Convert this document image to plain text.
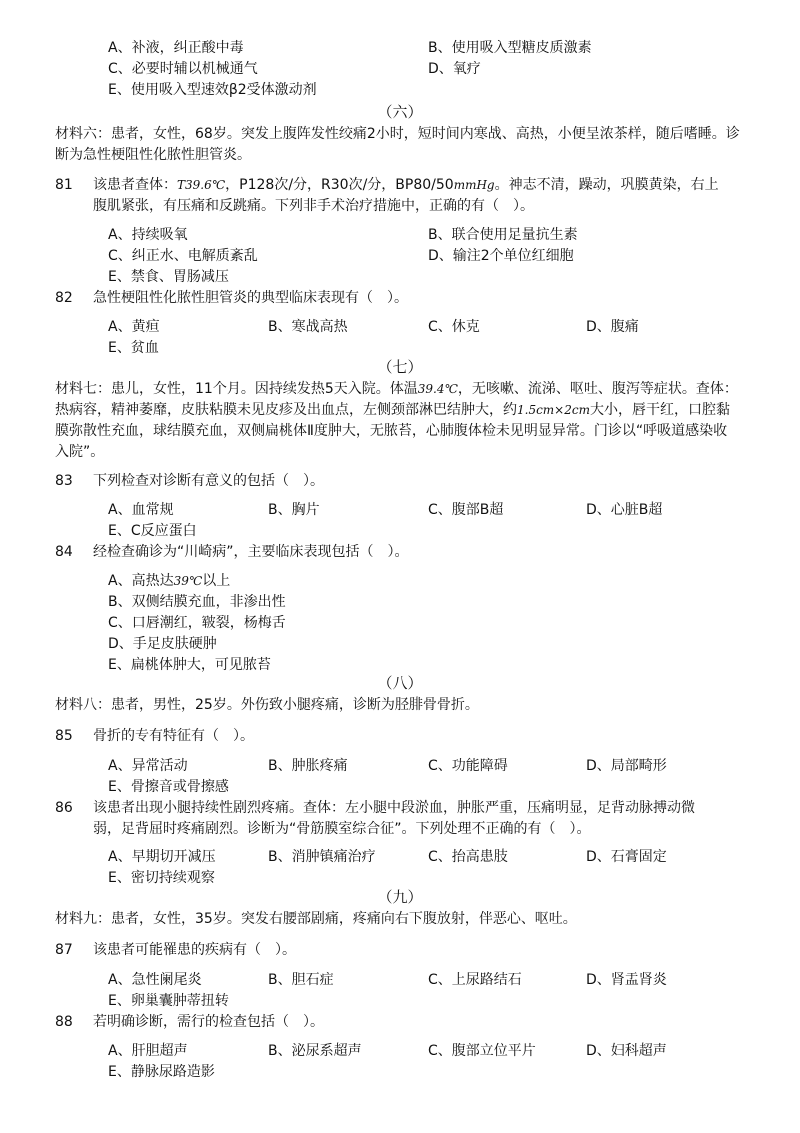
A、补液，纠正酸中毒	B、使用吸入型糖皮质激素
C、必要时辅以机械通气	D、氧疗
E、使用吸入型速效β2受体激动剂
（六）
材料六：患者，女性，68岁。突发上腹阵发性绞痛2小时，短时间内寒战、高热，小便呈浓茶样，随后嗜睡。诊
断为急性梗阻性化脓性胆管炎。
81 该患者查体：T39.6℃，P128次/分，R30次/分，BP80/50mmHg。神志不清，躁动，巩膜黄染，右上
腹肌紧张，有压痛和反跳痛。下列非手术治疗措施中，正确的有（　）。
A、持续吸氧	B、联合使用足量抗生素
C、纠正水、电解质紊乱	D、输注2个单位红细胞
E、禁食、胃肠减压
82 急性梗阻性化脓性胆管炎的典型临床表现有（　）。
A、黄疸	B、寒战高热	C、休克	D、腹痛
E、贫血
（七）
材料七：患儿，女性，11个月。因持续发热5天入院。体温39.4℃，无咳嗽、流涕、呕吐、腹泻等症状。查体：
热病容，精神萎靡，皮肤粘膜未见皮疹及出血点，左侧颈部淋巴结肿大，约1.5cm×2cm大小，唇干红，口腔黏
膜弥散性充血，球结膜充血，双侧扁桃体Ⅱ度肿大，无脓苔，心肺腹体检未见明显异常。门诊以“呼吸道感染收
入院”。
83 下列检查对诊断有意义的包括（　）。
A、血常规	B、胸片	C、腹部B超	D、心脏B超
E、C反应蛋白
84 经检查确诊为“川崎病”，主要临床表现包括（　）。
A、高热达39℃以上
B、双侧结膜充血，非渗出性
C、口唇潮红，皲裂，杨梅舌
D、手足皮肤硬肿
E、扁桃体肿大，可见脓苔
（八）
材料八：患者，男性，25岁。外伤致小腿疼痛，诊断为胫腓骨骨折。
85 骨折的专有特征有（　）。
A、异常活动	B、肿胀疼痛	C、功能障碍	D、局部畸形
E、骨擦音或骨擦感
86 该患者出现小腿持续性剧烈疼痛。查体：左小腿中段淤血，肿胀严重，压痛明显，足背动脉搏动微
弱，足背屈时疼痛剧烈。诊断为“骨筋膜室综合征”。下列处理不正确的有（　）。
A、早期切开减压	B、消肿镇痛治疗	C、抬高患肢	D、石膏固定
E、密切持续观察
（九）
材料九：患者，女性，35岁。突发右腰部剧痛，疼痛向右下腹放射，伴恶心、呕吐。
87 该患者可能罹患的疾病有（　）。
A、急性阑尾炎	B、胆石症	C、上尿路结石	D、肾盂肾炎
E、卵巢囊肿蒂扭转
88 若明确诊断，需行的检查包括（　）。
A、肝胆超声	B、泌尿系超声	C、腹部立位平片	D、妇科超声
E、静脉尿路造影
